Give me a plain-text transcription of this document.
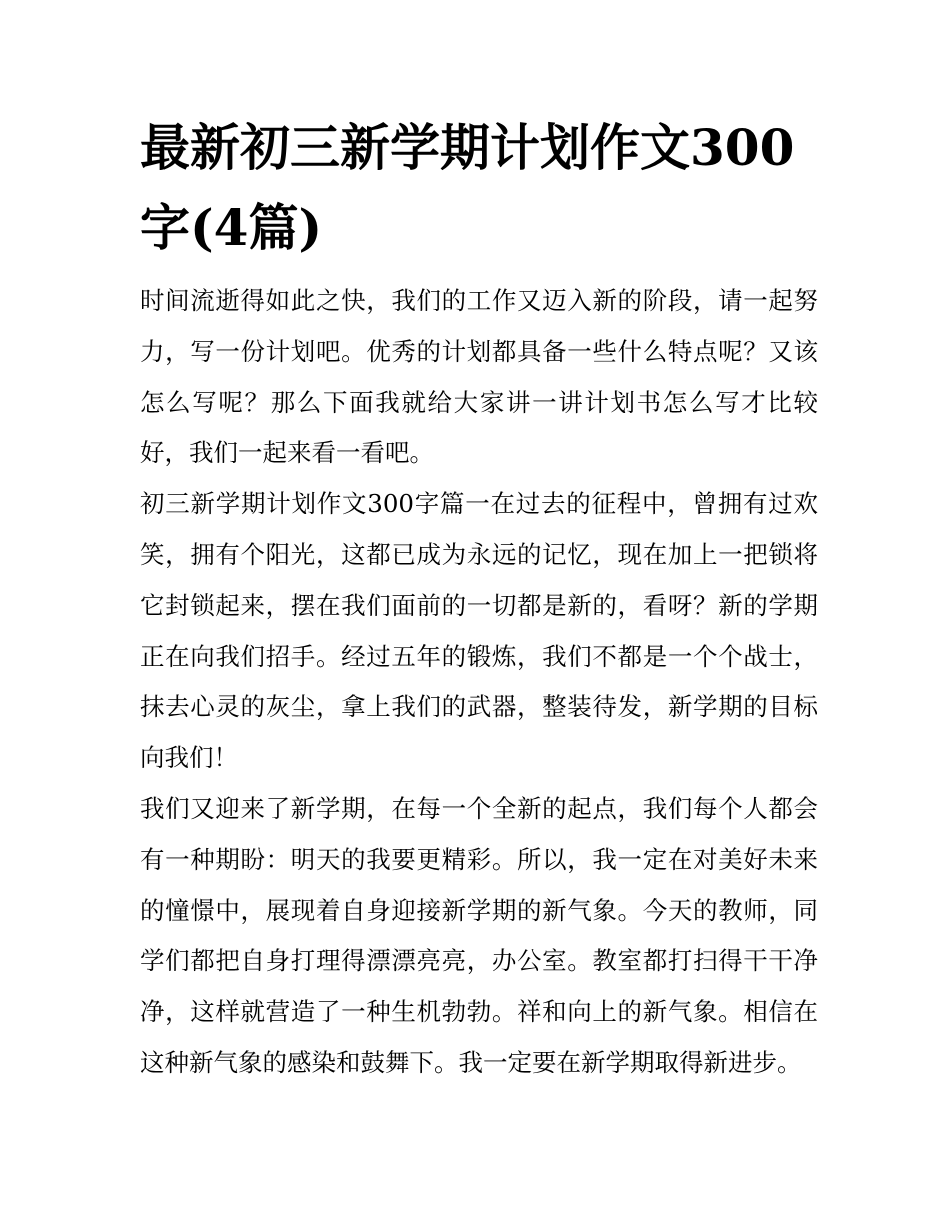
最新初三新学期计划作文300字(4篇)

时间流逝得如此之快，我们的工作又迈入新的阶段，请一起努力，写一份计划吧。优秀的计划都具备一些什么特点呢？又该怎么写呢？那么下面我就给大家讲一讲计划书怎么写才比较好，我们一起来看一看吧。

初三新学期计划作文300字篇一在过去的征程中，曾拥有过欢笑，拥有个阳光，这都已成为永远的记忆，现在加上一把锁将它封锁起来，摆在我们面前的一切都是新的，看呀？新的学期正在向我们招手。经过五年的锻炼，我们不都是一个个战士，抹去心灵的灰尘，拿上我们的武器，整装待发，新学期的目标向我们！

我们又迎来了新学期，在每一个全新的起点，我们每个人都会有一种期盼：明天的我要更精彩。所以，我一定在对美好未来的憧憬中，展现着自身迎接新学期的新气象。今天的教师，同学们都把自身打理得漂漂亮亮，办公室。教室都打扫得干干净净，这样就营造了一种生机勃勃。祥和向上的新气象。相信在这种新气象的感染和鼓舞下。我一定要在新学期取得新进步。
